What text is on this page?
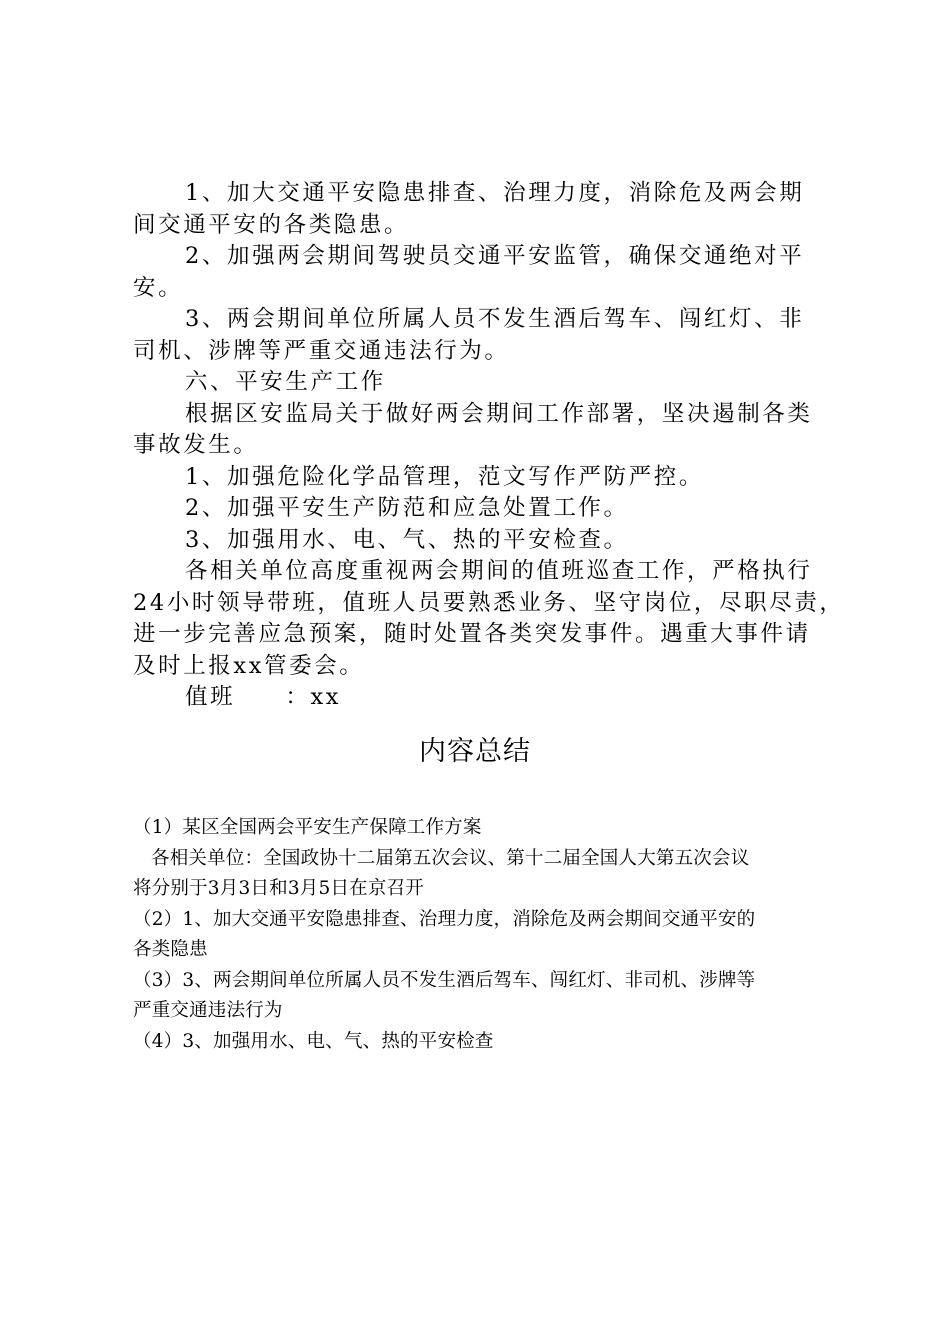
1、加大交通平安隐患排查、治理力度，消除危及两会期

间交通平安的各类隐患。

2、加强两会期间驾驶员交通平安监管，确保交通绝对平

安。

3、两会期间单位所属人员不发生酒后驾车、闯红灯、非

司机、涉牌等严重交通违法行为。

六、平安生产工作

根据区安监局关于做好两会期间工作部署，坚决遏制各类

事故发生。

1、加强危险化学品管理，范文写作严防严控。

2、加强平安生产防范和应急处置工作。

3、加强用水、电、气、热的平安检查。

各相关单位高度重视两会期间的值班巡查工作，严格执行

24小时领导带班，值班人员要熟悉业务、坚守岗位，尽职尽责，

进一步完善应急预案，随时处置各类突发事件。遇重大事件请

及时上报xx管委会。

值班　　：xx

内容总结

（1）某区全国两会平安生产保障工作方案

各相关单位：全国政协十二届第五次会议、第十二届全国人大第五次会议

将分别于3月3日和3月5日在京召开

（2）1、加大交通平安隐患排查、治理力度，消除危及两会期间交通平安的

各类隐患

（3）3、两会期间单位所属人员不发生酒后驾车、闯红灯、非司机、涉牌等

严重交通违法行为

（4）3、加强用水、电、气、热的平安检查
